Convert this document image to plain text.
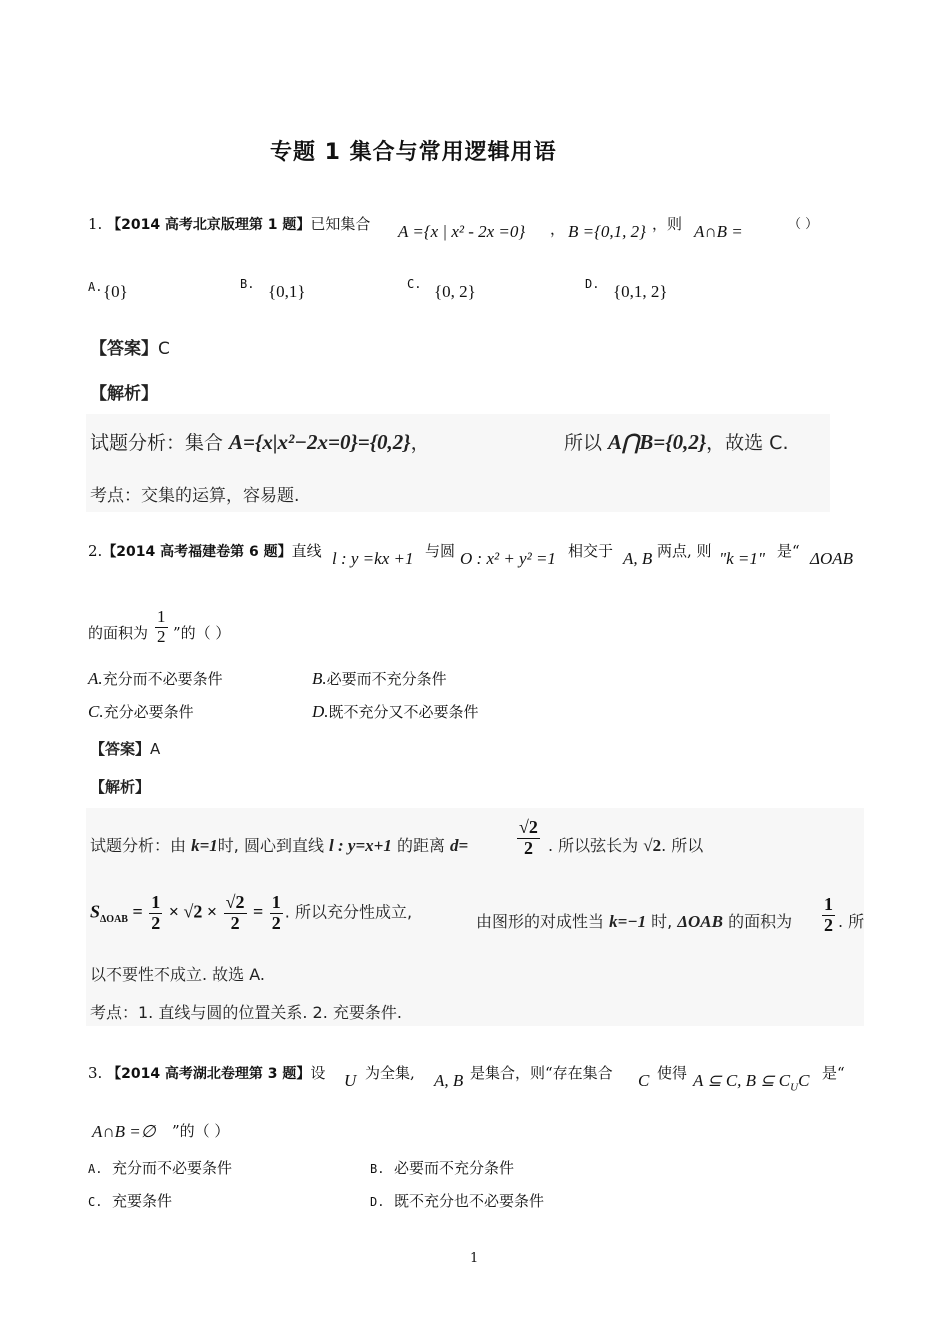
专题 1 集合与常用逻辑用语
1. 【2014 高考北京版理第 1 题】已知集合 A ={x | x² - 2x =0} ， B ={0,1, 2} ，则 A∩B =	（ ）
A. {0}	B. {0,1}	C. {0, 2}	D. {0,1, 2}
【答案】C
【解析】
试题分析：集合 A={x|x²−2x=0}={0,2}，	所以 A⋂B={0,2}，故选 C.
考点：交集的运算，容易题.
2.【2014 高考福建卷第 6 题】直线 l : y =kx +1 与圆 O : x² + y² =1 相交于 A, B 两点, 则 "k =1" 是“ ΔOAB
的面积为 $\frac{1}{2}$ ”的（ ）
A.充分而不必要条件	B.必要而不充分条件
C.充分必要条件	D.既不充分又不必要条件
【答案】A
【解析】
试题分析：由 k=1时, 圆心到直线 l : y=x+1 的距离 d=	$\frac{√2}{2}$ . 所以弦长为 √2. 所以
$S_{\Delta OAB} = \frac{1}{2} \times √2 \times \frac{√2}{2} = \frac{1}{2}$ . 所以充分性成立,
由图形的对成性当 k=−1 时, ΔOAB 的面积为 $\frac{1}{2}$ . 所
以不要性不成立. 故选 A.
考点：1. 直线与圆的位置关系. 2. 充要条件.
3. 【2014 高考湖北卷理第 3 题】设 U 为全集, A, B 是集合，则“存在集合 C 使得 A ⊆ C, B ⊆ $C_UC$ 是“
A∩B =∅ ”的（ ）
A. 充分而不必要条件	B. 必要而不充分条件
C. 充要条件	D. 既不充分也不必要条件
1
